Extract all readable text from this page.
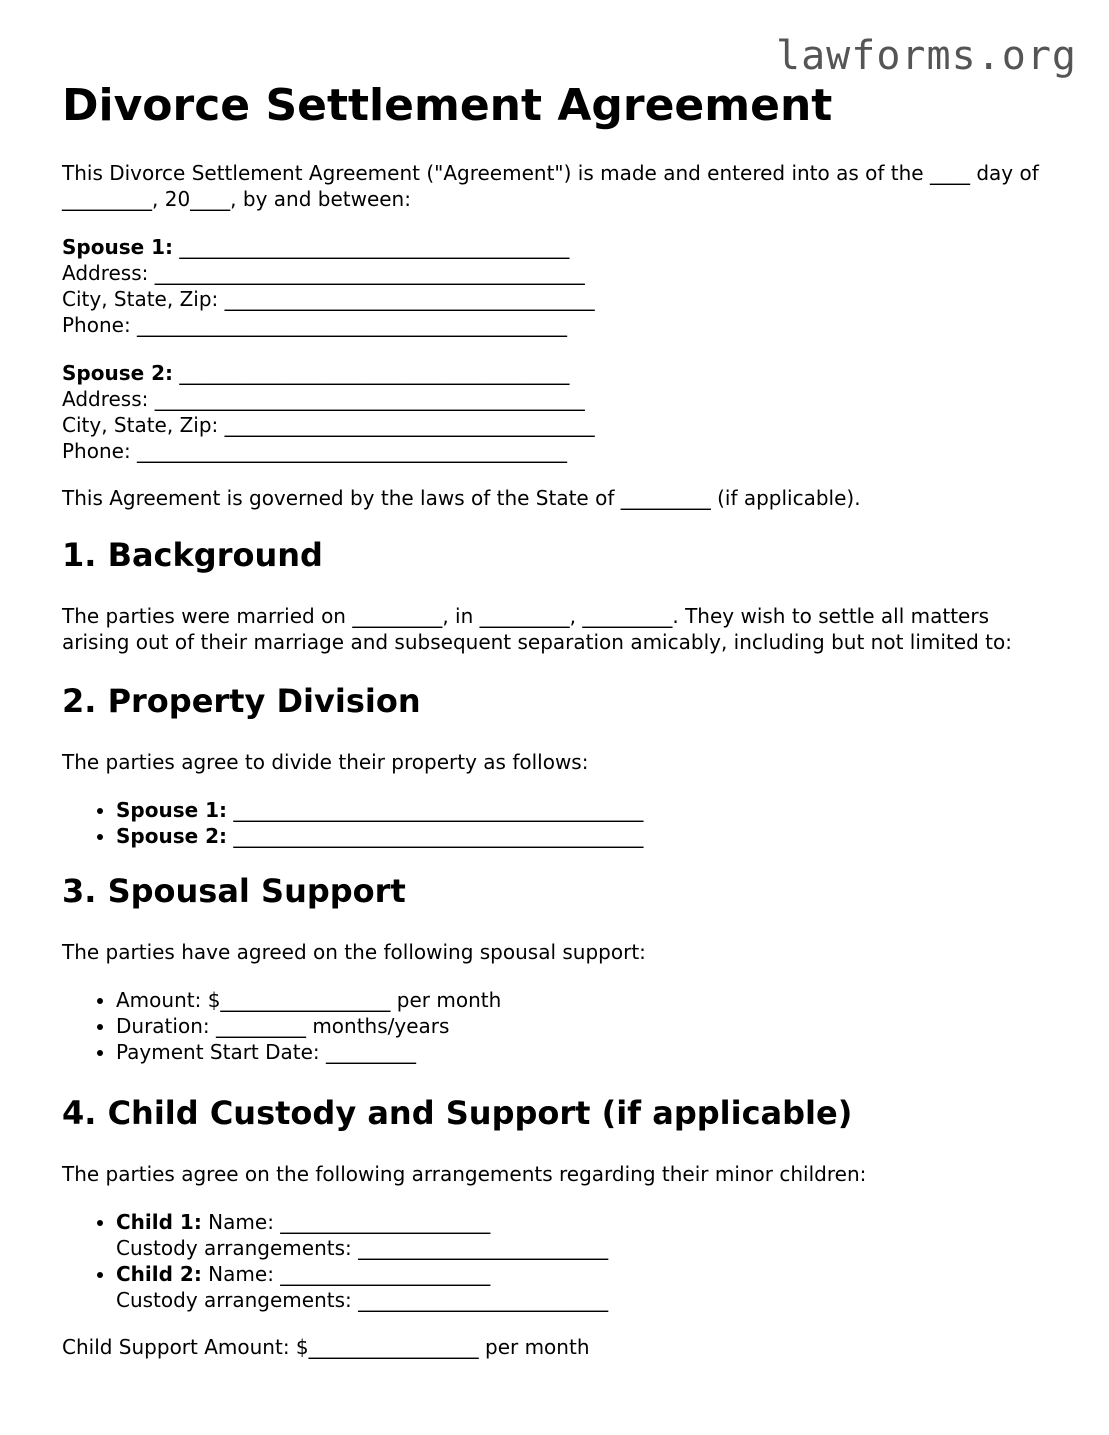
lawforms.org
Divorce Settlement Agreement

This Divorce Settlement Agreement ("Agreement") is made and entered into as of the ____ day of _________, 20____, by and between:

Spouse 1: _______________________________________
Address: ___________________________________________
City, State, Zip: _____________________________________
Phone: ___________________________________________
Spouse 2: _______________________________________
Address: ___________________________________________
City, State, Zip: _____________________________________
Phone: ___________________________________________

This Agreement is governed by the laws of the State of _________ (if applicable).

1. Background

The parties were married on _________, in _________, _________. They wish to settle all matters arising out of their marriage and subsequent separation amicably, including but not limited to:

2. Property Division

The parties agree to divide their property as follows:

• Spouse 1: _________________________________________
• Spouse 2: _________________________________________
3. Spousal Support

The parties have agreed on the following spousal support:

• Amount: $_________________ per month
• Duration: _________ months/years
• Payment Start Date: _________
4. Child Custody and Support (if applicable)

The parties agree on the following arrangements regarding their minor children:

• Child 1: Name: _____________________
Custody arrangements: _________________________
• Child 2: Name: _____________________
Custody arrangements: _________________________

Child Support Amount: $_________________ per month
